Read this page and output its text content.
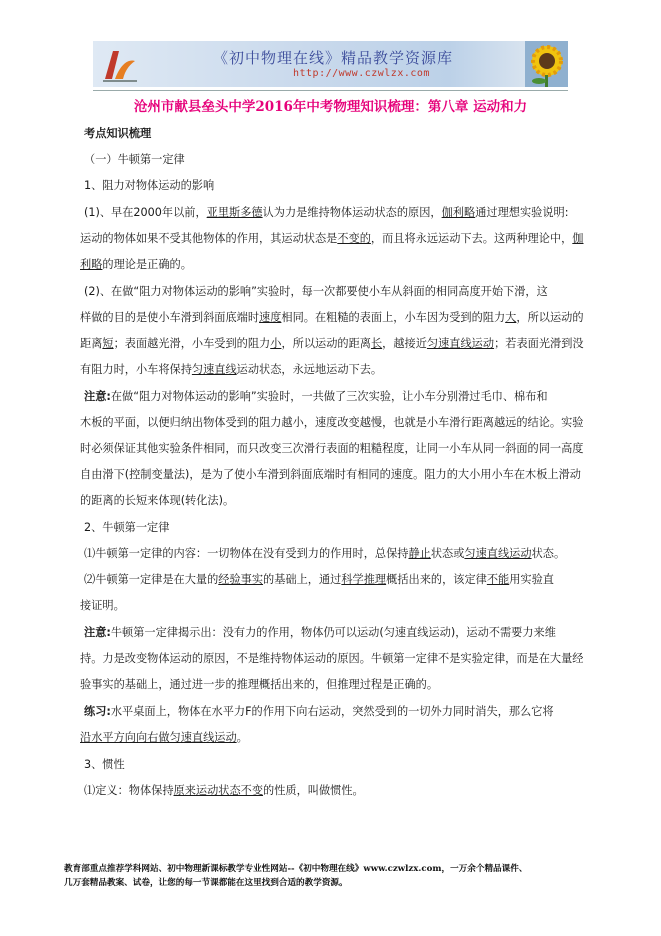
《初中物理在线》精品教学资源库
http://www.czwlzx.com
沧州市献县垒头中学2016年中考物理知识梳理：第八章 运动和力
考点知识梳理
（一）牛顿第一定律
1、阻力对物体运动的影响
(1)、早在2000年以前，亚里斯多德认为力是维持物体运动状态的原因，伽利略通过理想实验说明:
运动的物体如果不受其他物体的作用，其运动状态是不变的，而且将永远运动下去。这两种理论中，伽
利略的理论是正确的。
(2)、在做“阻力对物体运动的影响”实验时，每一次都要使小车从斜面的相同高度开始下滑，这
样做的目的是使小车滑到斜面底端时速度相同。在粗糙的表面上，小车因为受到的阻力大，所以运动的
距离短；表面越光滑，小车受到的阻力小，所以运动的距离长，越接近匀速直线运动；若表面光滑到没
有阻力时，小车将保持匀速直线运动状态，永远地运动下去。
注意:在做“阻力对物体运动的影响”实验时，一共做了三次实验，让小车分别滑过毛巾、棉布和
木板的平面，以便归纳出物体受到的阻力越小，速度改变越慢，也就是小车滑行距离越远的结论。实验
时必须保证其他实验条件相同，而只改变三次滑行表面的粗糙程度，让同一小车从同一斜面的同一高度
自由滑下(控制变量法)，是为了使小车滑到斜面底端时有相同的速度。阻力的大小用小车在木板上滑动
的距离的长短来体现(转化法)。
2、牛顿第一定律
⑴牛顿第一定律的内容：一切物体在没有受到力的作用时，总保持静止状态或匀速直线运动状态。
⑵牛顿第一定律是在大量的经验事实的基础上，通过科学推理概括出来的，该定律不能用实验直
接证明。
注意:牛顿第一定律揭示出：没有力的作用，物体仍可以运动(匀速直线运动)，运动不需要力来维
持。力是改变物体运动的原因，不是维持物体运动的原因。牛顿第一定律不是实验定律，而是在大量经
验事实的基础上，通过进一步的推理概括出来的，但推理过程是正确的。
练习:水平桌面上，物体在水平力F的作用下向右运动，突然受到的一切外力同时消失，那么它将
沿水平方向向右做匀速直线运动。
3、惯性
⑴定义：物体保持原来运动状态不变的性质，叫做惯性。
教育部重点推荐学科网站、初中物理新课标教学专业性网站--《初中物理在线》www.czwlzx.com，一万余个精品课件、
几万套精品教案、试卷，让您的每一节课都能在这里找到合适的教学资源。
